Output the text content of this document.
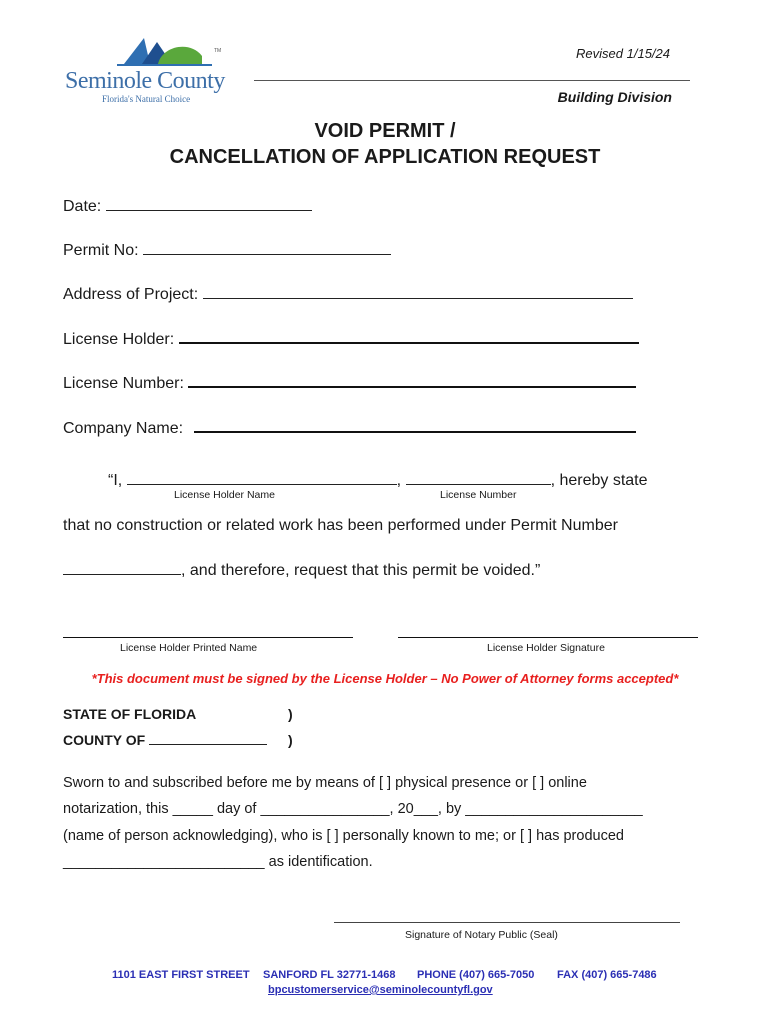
TM
Seminole County
Florida's Natural Choice
Revised 1/15/24
Building Division
VOID PERMIT /
CANCELLATION OF APPLICATION REQUEST
Date:
Permit No:
Address of Project:
License Holder:
License Number:
Company Name:
“I,	,	, hereby state
License Holder Name	License Number
that no construction or related work has been performed under Permit Number
, and therefore, request that this permit be voided.”
License Holder Printed Name	License Holder Signature
*This document must be signed by the License Holder – No Power of Attorney forms accepted*
STATE OF FLORIDA	)
COUNTY OF	)
Sworn to and subscribed before me by means of [ ] physical presence or [ ] online
notarization, this _____ day of ________________, 20___, by ______________________
(name of person acknowledging), who is [ ] personally known to me; or [ ] has produced
_________________________ as identification.
Signature of Notary Public (Seal)
1101 EAST FIRST STREET SANFORD FL 32771-1468 PHONE (407) 665-7050 FAX (407) 665-7486
bpcustomerservice@seminolecountyfl.gov
